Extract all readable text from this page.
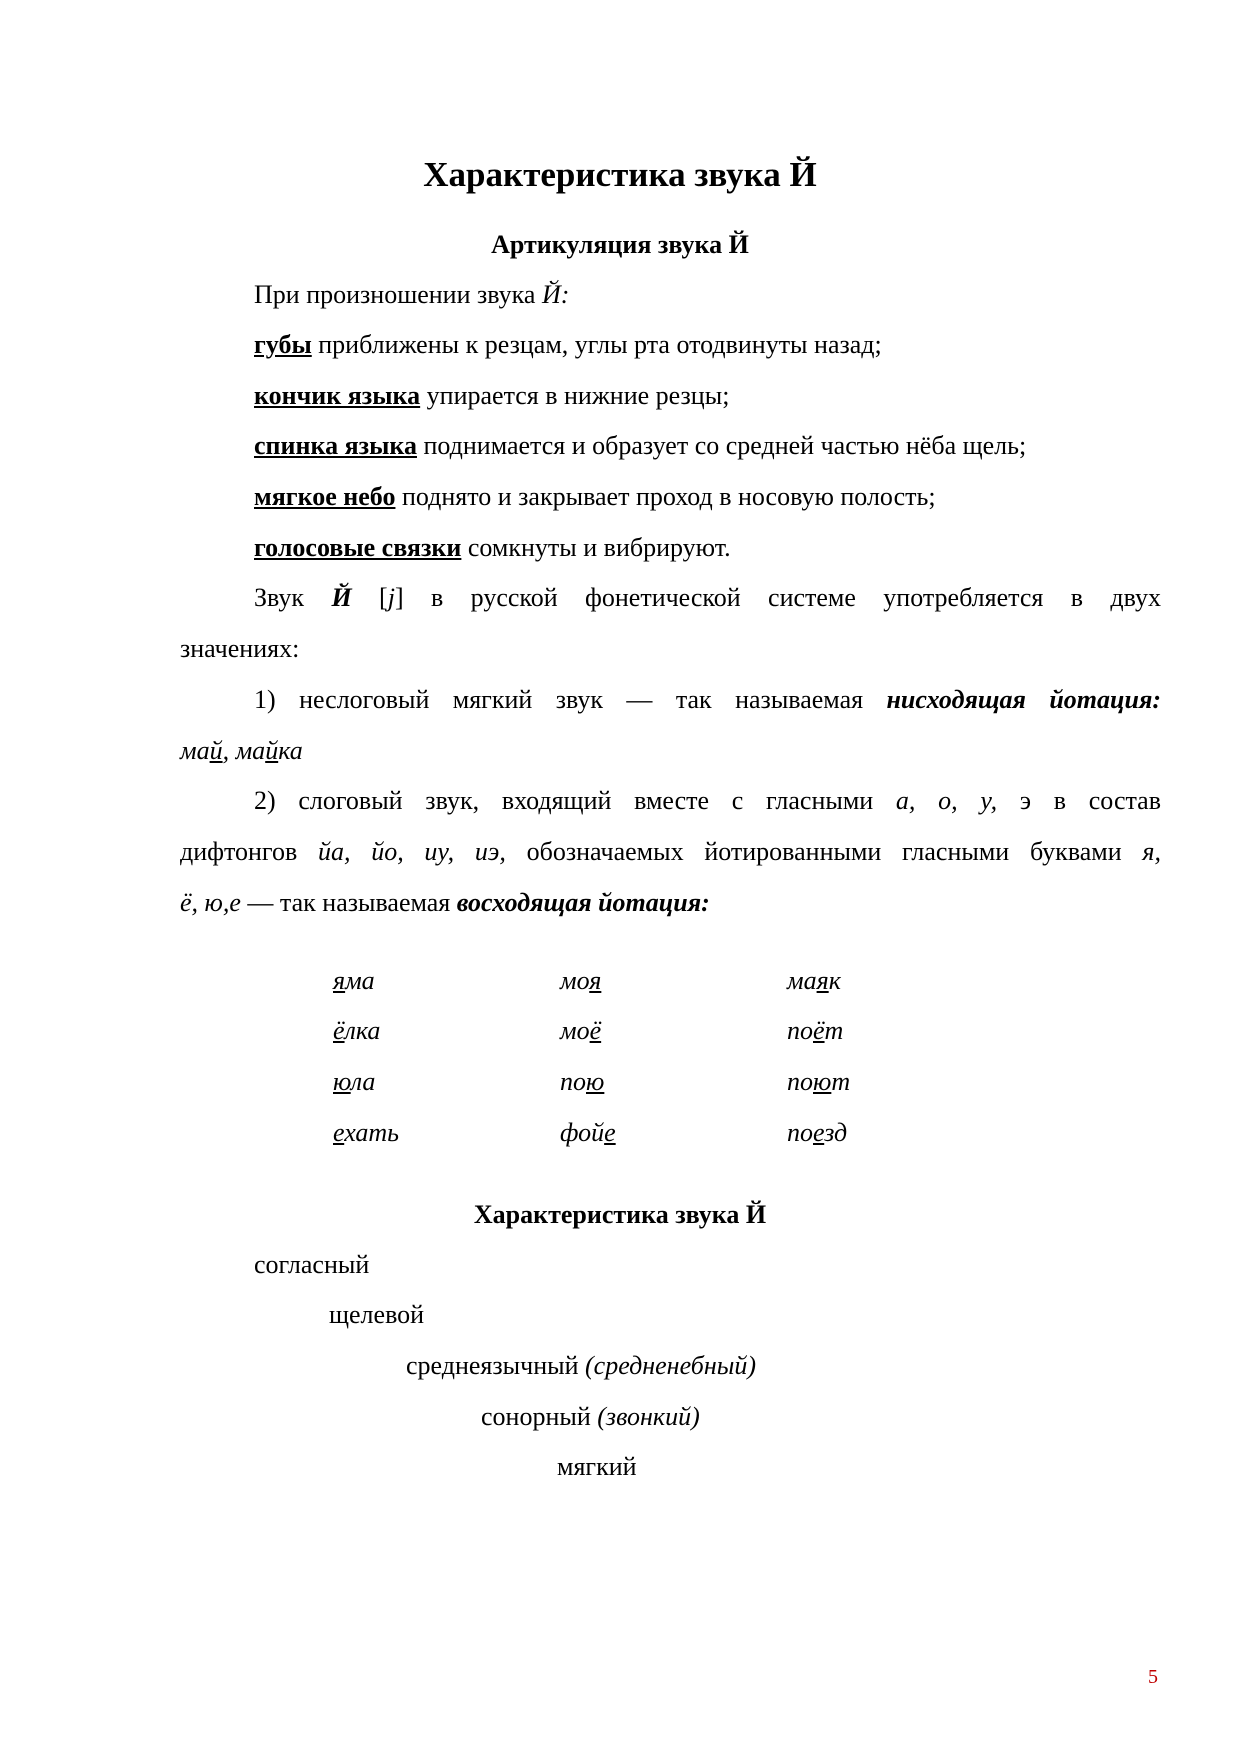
Характеристика звука Й
Артикуляция звука Й
При произношении звука Й:
губы приближены к резцам, углы рта отодвинуты назад;
кончик языка упирается в нижние резцы;
спинка языка поднимается и образует со средней частью нёба щель;
мягкое небо поднято и закрывает проход в носовую полость;
голосовые связки сомкнуты и вибрируют.
Звук Й [j] в русской фонетической системе употребляется в двух
значениях:
1) неслоговый мягкий звук — так называемая нисходящая йотация:
май, майка
2) слоговый звук, входящий вместе с гласными а, о, у, э в состав
дифтонгов йа, йо, иу, иэ, обозначаемых йотированными гласными буквами я,
ё, ю,е — так называемая восходящая йотация:
яма	моя	маяк
ёлка	моё	поёт
юла	пою	поют
ехать	фойе	поезд
Характеристика звука Й
согласный
щелевой
среднеязычный (средненебный)
сонорный (звонкий)
мягкий
5
